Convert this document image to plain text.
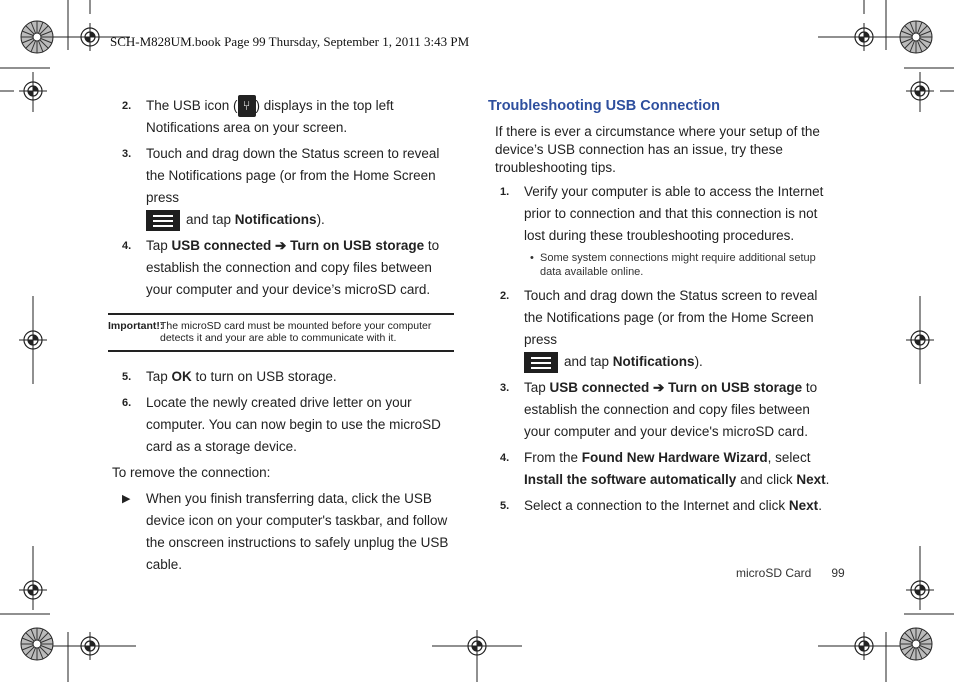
SCH-M828UM.book Page 99 Thursday, September 1, 2011 3:43 PM
2. The USB icon ( ⑂ ) displays in the top left Notifications area on your screen.
3. Touch and drag down the Status screen to reveal the Notifications page (or from the Home Screen press

and tap Notifications).
4. Tap USB connected ➔ Turn on USB storage to establish the connection and copy files between your computer and your device’s microSD card.
Important!:
The microSD card must be mounted before your computer detects it and your are able to communicate with it.
5. Tap OK to turn on USB storage.
6. Locate the newly created drive letter on your computer. You can now begin to use the microSD card as a storage device.
To remove the connection:
▶ When you finish transferring data, click the USB device icon on your computer's taskbar, and follow the onscreen instructions to safely unplug the USB cable.
Troubleshooting USB Connection
If there is ever a circumstance where your setup of the device’s USB connection has an issue, try these troubleshooting tips.
1. Verify your computer is able to access the Internet prior to connection and that this connection is not lost during these troubleshooting procedures.
• Some system connections might require additional setup data available online.
2. Touch and drag down the Status screen to reveal the Notifications page (or from the Home Screen press

and tap Notifications).
3. Tap USB connected ➔ Turn on USB storage to establish the connection and copy files between your computer and your device's microSD card.
4. From the Found New Hardware Wizard, select Install the software automatically and click Next.
5. Select a connection to the Internet and click Next.
microSD Card 99
